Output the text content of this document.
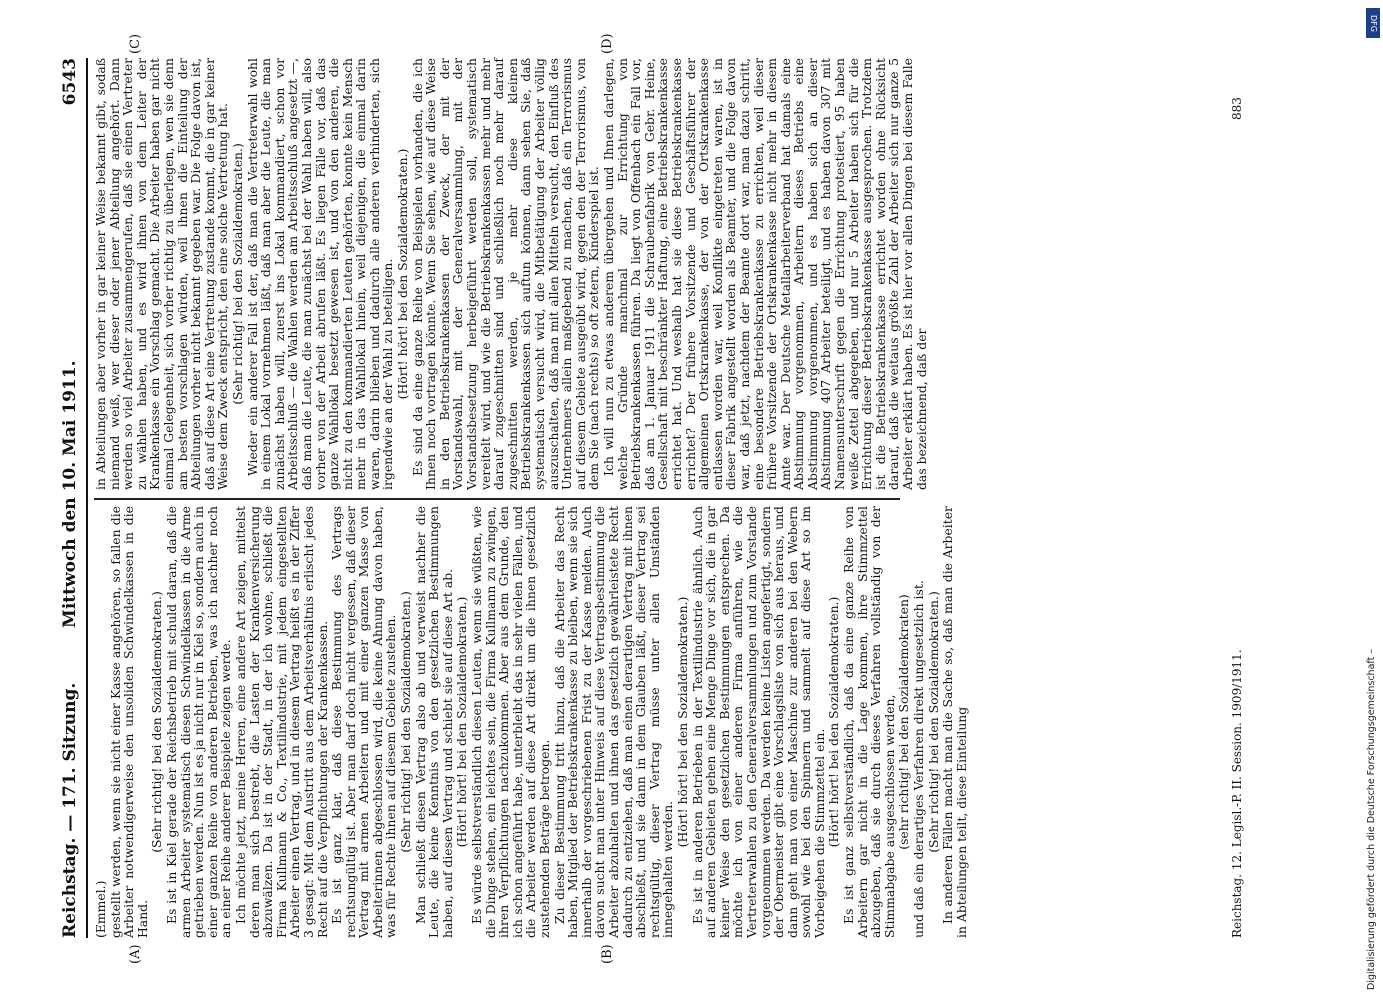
Reichstag. — 171. Sitzung.
Mittwoch den 10. Mai 1911.
6543
(A)	(B)
(C)	(D)

(Emmel.) gestellt werden, wenn sie nicht einer Kasse angehören, so fallen die Arbeiter notwendigerweise den unsoliden Schwindelkassen in die Hand.

(Sehr richtig! bei den Sozialdemokraten.) Es ist in Kiel gerade der Reichsbetrieb mit schuld daran, daß die armen Arbeiter systematisch diesen Schwindelkassen in die Arme getrieben werden. Nun ist es ja nicht nur in Kiel so, sondern auch in einer ganzen Reihe von anderen Betrieben, was ich nachher noch an einer Reihe anderer Beispiele zeigen werde. Ich möchte jetzt, meine Herren, eine andere Art zeigen, mittelst deren man sich bestrebt, die Lasten der Krankenversicherung abzuwälzen. Da ist in der Stadt, in der ich wohne, schließt die Firma Kullmann & Co., Textilindustrie, mit jedem eingestellten Arbeiter einen Vertrag, und in diesem Vertrag heißt es in der Ziffer 3 gesagt: Mit dem Austritt aus dem Arbeitsverhältnis erlischt jedes Recht auf die Verpflichtungen der Krankenkassen. Es ist ganz klar, daß diese Bestimmung des Vertrags rechtsungültig ist. Aber man darf doch nicht vergessen, daß dieser Vertrag mit armen Arbeitern und mit einer ganzen Masse von Arbeiterinnen abgeschlossen wird, die keine Ahnung davon haben, was für Rechte ihnen auf diesem Gebiete zustehen. (Sehr richtig! bei den Sozialdemokraten.) Man schließt diesen Vertrag also ab und verweist nachher die Leute, die keine Kenntnis von den gesetzlichen Bestimmungen haben, auf diesen Vertrag und schiebt sie auf diese Art ab. (Hört! hört! bei den Sozialdemokraten.) Es würde selbstverständlich diesen Leuten, wenn sie wüßten, wie die Dinge stehen, ein leichtes sein, die Firma Kullmann zu zwingen, ihren Verpflichtungen nachzukommen. Aber aus dem Grunde, den ich schon angeführt habe, unterbleibt das in sehr vielen Fällen, und die Arbeiter werden auf diese Art direkt um die ihnen gesetzlich zustehenden Beträge betrogen. Zu dieser Bestimmung tritt hinzu, daß die Arbeiter das Recht haben, Mitglied der Betriebskrankenkasse zu bleiben, wenn sie sich innerhalb der vorgeschriebenen Frist zu der Kasse melden. Auch davon sucht man unter Hinweis auf diese Vertragsbestimmung die Arbeiter abzuhalten und ihnen das gesetzlich gewährleistete Recht dadurch zu entziehen, daß man einen derartigen Vertrag mit ihnen abschließt, und sie dann in dem Glauben läßt, dieser Vertrag sei rechtsgültig, dieser Vertrag müsse unter allen Umständen innegehalten werden.

(Hört! hört! bei den Sozialdemokraten.) Es ist in anderen Betrieben in der Textilindustrie ähnlich. Auch auf anderen Gebieten gehen eine Menge Dinge vor sich, die in gar keiner Weise den gesetzlichen Bestimmungen entsprechen. Da möchte ich von einer anderen Firma anführen, wie die Vertreterwahlen zu den Generalversammlungen und zum Vorstande vorgenommen werden. Da werden keine Listen angefertigt, sondern der Obermeister gibt eine Vorschlagsliste von sich aus heraus, und dann geht man von einer Maschine zur anderen bei den Webern sowohl wie bei den Spinnern und sammelt auf diese Art so im Vorbeigehen die Stimmzettel ein. (Hört! hört! bei den Sozialdemokraten.) Es ist ganz selbstverständlich, daß da eine ganze Reihe von Arbeitern gar nicht in die Lage kommen, ihre Stimmzettel abzugeben, daß sie durch dieses Verfahren vollständig von der Stimmabgabe ausgeschlossen werden, (sehr richtig! bei den Sozialdemokraten) und daß ein derartiges Verfahren direkt ungesetzlich ist. (Sehr richtig! bei den Sozialdemokraten.) In anderen Fällen macht man die Sache so, daß man die Arbeiter in Abteilungen teilt, diese Einteilung

in Abteilungen aber vorher in gar keiner Weise bekannt gibt, sodaß niemand weiß, wer dieser oder jener Abteilung angehört. Dann werden so viel Arbeiter zusammengerufen, daß sie einen Vertreter zu wählen haben, und es wird ihnen von dem Leiter der Krankenkasse ein Vorschlag gemacht. Die Arbeiter haben gar nicht einmal Gelegenheit, sich vorher richtig zu überlegen, wen sie denn am besten vorschlagen würden, weil ihnen die Einteilung der Abteilungen vorher nicht bekannt gegeben war. Die Folge davon ist, daß auf diese Art eine Vertretung zustande kommt, die in gar keiner Weise dem Zweck entspricht, den eine solche Vertretung hat. (Sehr richtig! bei den Sozialdemokraten.) Wieder ein anderer Fall ist der, daß man die Vertreterwahl wohl in einem Lokal vornehmen läßt, daß man aber die Leute, die man zunächst haben will, zuerst ins Lokal kommandiert, schon vor Arbeitsschluß — die Wahlen werden am Arbeitsschluß angesetzt —, daß man die Leute, die man zunächst bei der Wahl haben will, also vorher von der Arbeit abrufen läßt. Es liegen Fälle vor, daß das ganze Wahllokal besetzt gewesen ist, und von den anderen, die nicht zu den kommandierten Leuten gehörten, konnte kein Mensch mehr in das Wahllokal hinein, weil diejenigen, die einmal darin waren, darin blieben und dadurch alle anderen verhinderten, sich irgendwie an der Wahl zu beteiligen. (Hört! hört! bei den Sozialdemokraten.) Es sind da eine ganze Reihe von Beispielen vorhanden, die ich Ihnen noch vortragen könnte. Wenn Sie sehen, wie auf diese Weise in den Betriebskrankenkassen der Zweck, der mit der Vorstandswahl, mit der Generalversammlung, mit der Vorstandsbesetzung herbeigeführt werden soll, systematisch vereitelt wird, und wie die Betriebskrankenkassen mehr und mehr darauf zugeschnitten sind und schließlich noch mehr darauf zugeschnitten werden, je mehr diese kleinen Betriebskrankenkassen sich auftun können, dann sehen Sie, daß systematisch versucht wird, die Mitbetätigung der Arbeiter völlig auszuschalten, daß man mit allen Mitteln versucht, den Einfluß des Unternehmers allein maßgebend zu machen, daß ein Terrorismus auf diesem Gebiete ausgeübt wird, gegen den der Terrorismus, von dem Sie (nach rechts) so oft zetern, Kinderspiel ist. Ich will nun zu etwas anderem übergehen und Ihnen darlegen, welche Gründe manchmal zur Errichtung von Betriebskrankenkassen führen. Da liegt von Offenbach ein Fall vor, daß am 1. Januar 1911 die Schraubenfabrik von Gebr. Heine, Gesellschaft mit beschränkter Haftung, eine Betriebskrankenkasse errichtet hat. Und weshalb hat sie diese Betriebskrankenkasse errichtet? Der frühere Vorsitzende und Geschäftsführer der allgemeinen Ortskrankenkasse, der von der Ortskrankenkasse entlassen worden war, weil Konflikte eingetreten waren, ist in dieser Fabrik angestellt worden als Beamter, und die Folge davon war, daß jetzt, nachdem der Beamte dort war, man dazu schritt, eine besondere Betriebskrankenkasse zu errichten, weil dieser frühere Vorsitzende der Ortskrankenkasse nicht mehr in diesem Amte war. Der Deutsche Metallarbeiterverband hat damals eine Abstimmung vorgenommen, Arbeitern dieses Betriebs eine Abstimmung vorgenommen, und es haben sich an dieser Abstimmung 407 Arbeiter beteiligt, und es haben davon 307 mit Namensunterschrift gegen die Errichtung protestiert, 95 haben weiße Zettel abgegeben, und nur 5 Arbeiter haben sich für die Errichtung dieser Betriebskrankenkasse ausgesprochen. Trotzdem ist die Betriebskrankenkasse errichtet worden ohne Rücksicht darauf, daß die weitaus größte Zahl der Arbeiter sich nur ganze 5 Arbeiter erklärt haben. Es ist hier vor allen Dingen bei diesem Falle das bezeichnend, daß der

Reichstag. 12. Legisl.-P. II. Session. 1909/1911.
883
DFG
Digitalisierung gefördert durch die Deutsche Forschungsgemeinschaft –
